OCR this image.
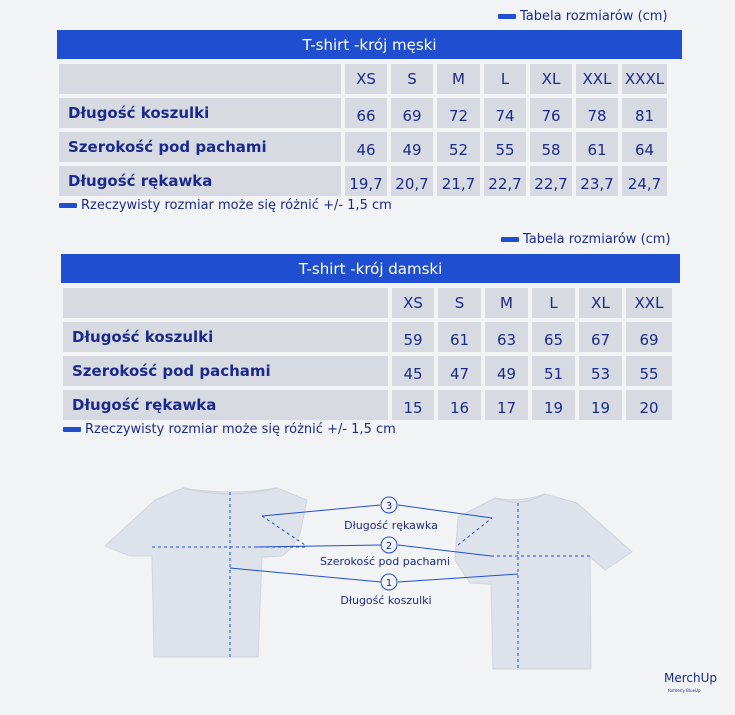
Tabela rozmiarów (cm)
T-shirt -krój męski
XS	S	M	L	XL	XXL XXXL
Długość koszulki	66	69	72	74	76	78	81
Szerokość pod pachami	46	49	52	55	58	61	64
Długość rękawka	19,7 20,7 21,7 22,7 22,7 23,7 24,7
Rzeczywisty rozmiar może się różnić +/- 1,5 cm
Tabela rozmiarów (cm)
T-shirt -krój damski
XS	S	M	L	XL	XXL
Długość koszulki	59	61	63	65	67	69
Szerokość pod pachami	45	47	49	51	53	55
Długość rękawka	15	16	17	19	19	20
Rzeczywisty rozmiar może się różnić +/- 1,5 cm
3
Długość rękawka
2
Szerokość pod pachami
1
Długość koszulki
MerchUp
formerly BlueUp
